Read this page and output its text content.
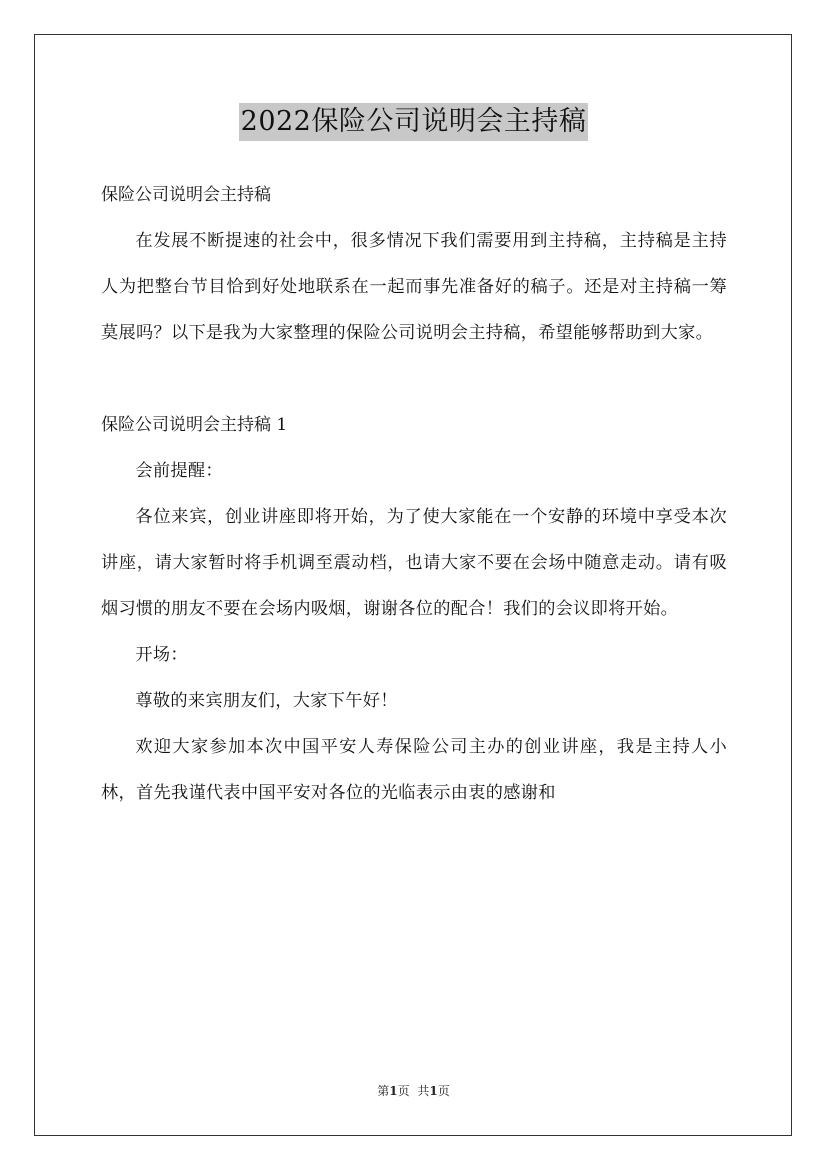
2022保险公司说明会主持稿

保险公司说明会主持稿

在发展不断提速的社会中，很多情况下我们需要用到主持稿，主持稿是主持人为把整台节目恰到好处地联系在一起而事先准备好的稿子。还是对主持稿一筹莫展吗？以下是我为大家整理的保险公司说明会主持稿，希望能够帮助到大家。

保险公司说明会主持稿 1

会前提醒：

各位来宾，创业讲座即将开始，为了使大家能在一个安静的环境中享受本次讲座，请大家暂时将手机调至震动档，也请大家不要在会场中随意走动。请有吸烟习惯的朋友不要在会场内吸烟，谢谢各位的配合！我们的会议即将开始。

开场：

尊敬的来宾朋友们，大家下午好！

欢迎大家参加本次中国平安人寿保险公司主办的创业讲座，我是主持人小林，首先我谨代表中国平安对各位的光临表示由衷的感谢和

第1页 共1页
